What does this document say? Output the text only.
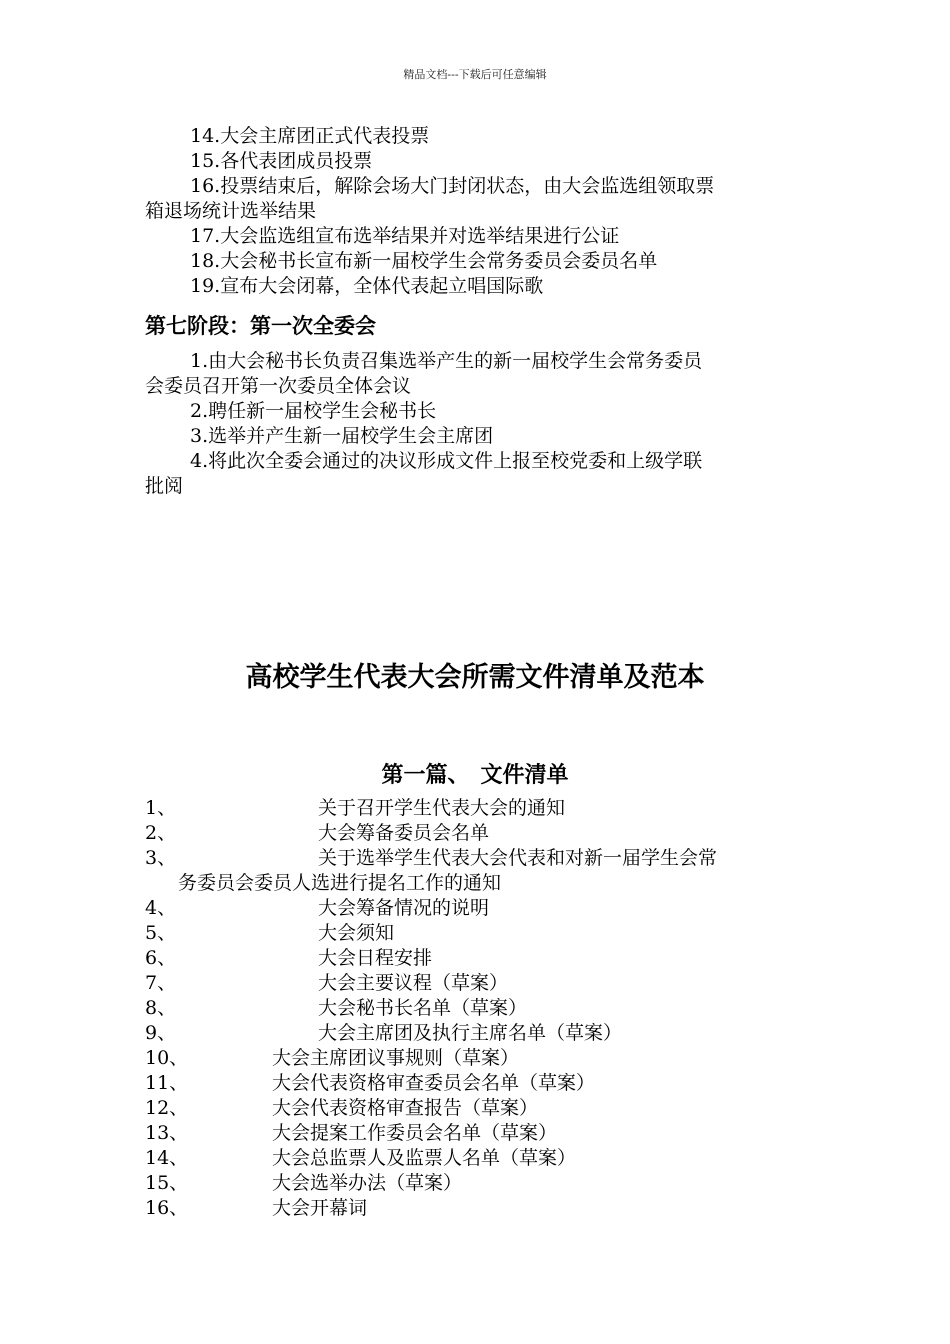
精品文档---下载后可任意编辑
14.大会主席团正式代表投票
15.各代表团成员投票
16.投票结束后，解除会场大门封闭状态，由大会监选组领取票
箱退场统计选举结果
17.大会监选组宣布选举结果并对选举结果进行公证
18.大会秘书长宣布新一届校学生会常务委员会委员名单
19.宣布大会闭幕，全体代表起立唱国际歌
第七阶段：第一次全委会
1.由大会秘书长负责召集选举产生的新一届校学生会常务委员
会委员召开第一次委员全体会议
2.聘任新一届校学生会秘书长
3.选举并产生新一届校学生会主席团
4.将此次全委会通过的决议形成文件上报至校党委和上级学联
批阅
高校学生代表大会所需文件清单及范本
第一篇、　文件清单
1、	关于召开学生代表大会的通知
2、	大会筹备委员会名单
3、	关于选举学生代表大会代表和对新一届学生会常
务委员会委员人选进行提名工作的通知
4、	大会筹备情况的说明
5、	大会须知
6、	大会日程安排
7、	大会主要议程（草案）
8、	大会秘书长名单（草案）
9、	大会主席团及执行主席名单（草案）
10、	大会主席团议事规则（草案）
11、	大会代表资格审查委员会名单（草案）
12、	大会代表资格审查报告（草案）
13、	大会提案工作委员会名单（草案）
14、	大会总监票人及监票人名单（草案）
15、	大会选举办法（草案）
16、	大会开幕词
